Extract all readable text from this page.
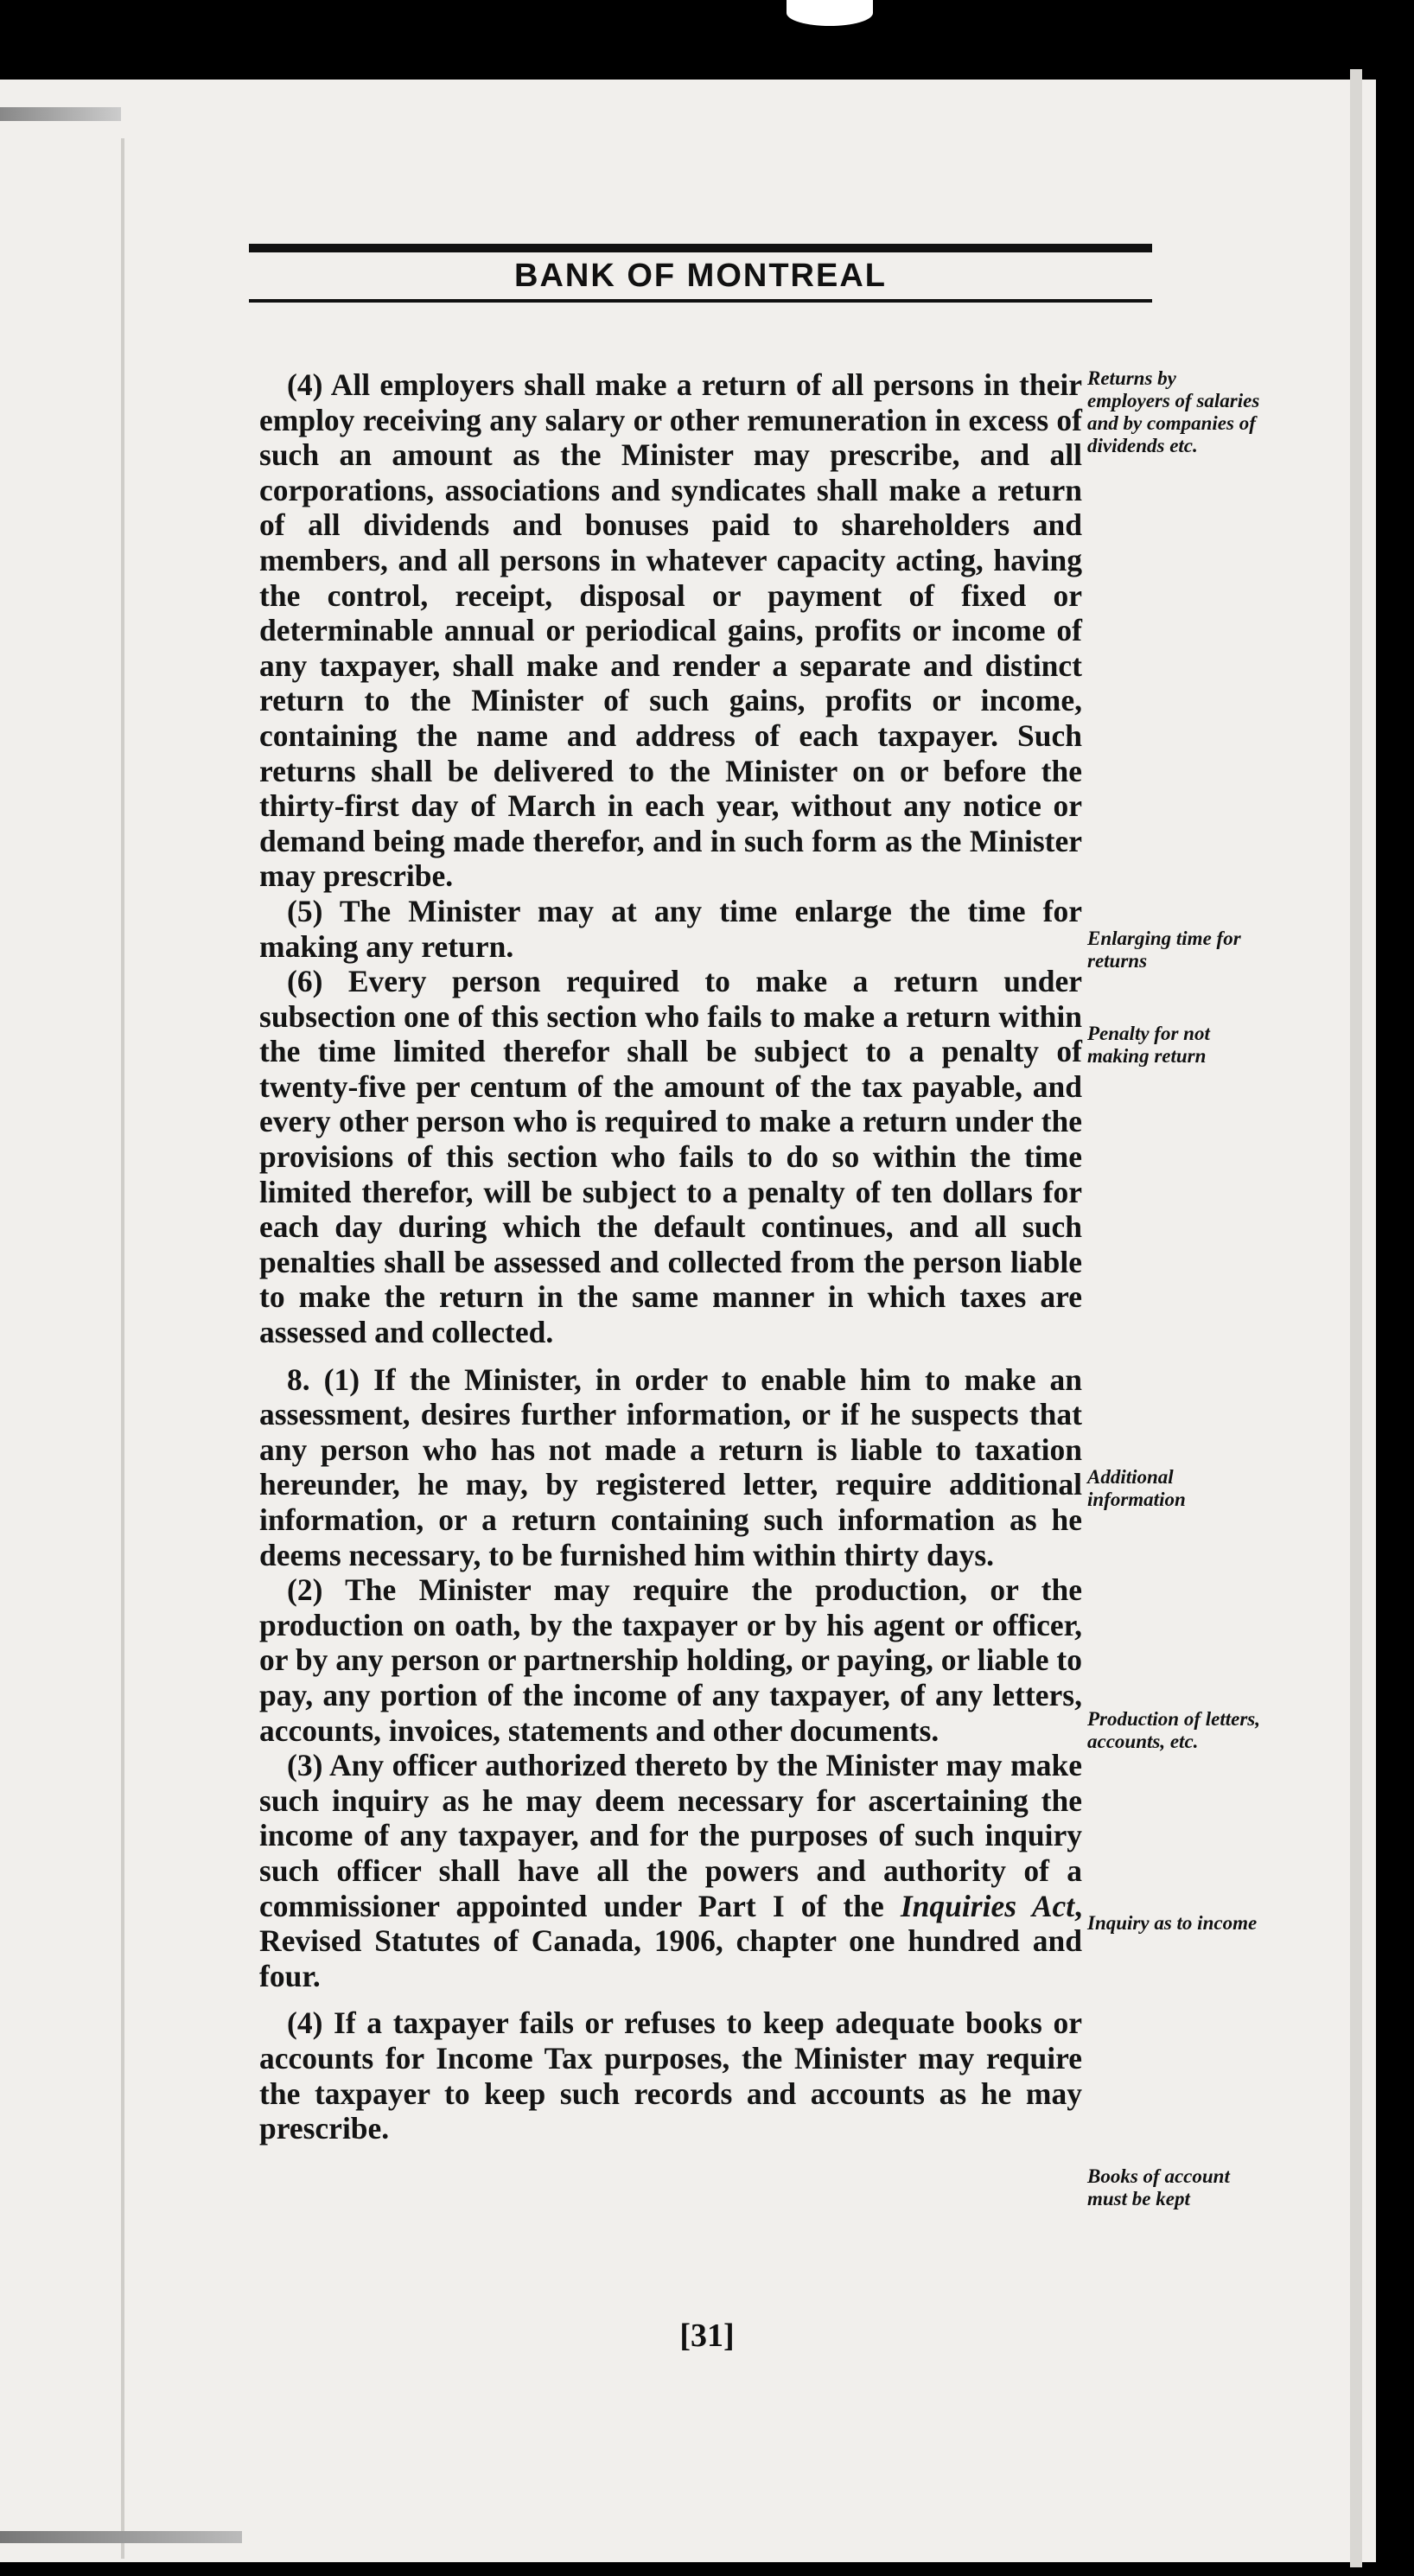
BANK OF MONTREAL

(4) All employers shall make a return of all persons in their employ receiving any salary or other remuneration in excess of such an amount as the Minister may prescribe, and all corporations, associations and syndicates shall make a return of all dividends and bonuses paid to shareholders and members, and all persons in whatever capacity acting, having the control, receipt, disposal or payment of fixed or determinable annual or periodical gains, profits or income of any taxpayer, shall make and render a separate and distinct return to the Minister of such gains, profits or income, containing the name and address of each taxpayer. Such returns shall be delivered to the Minister on or before the thirty-first day of March in each year, without any notice or demand being made therefor, and in such form as the Minister may prescribe.

(5) The Minister may at any time enlarge the time for making any return.

(6) Every person required to make a return under subsection one of this section who fails to make a return within the time limited therefor shall be subject to a penalty of twenty-five per centum of the amount of the tax payable, and every other person who is required to make a return under the provisions of this section who fails to do so within the time limited therefor, will be subject to a penalty of ten dollars for each day during which the default continues, and all such penalties shall be assessed and collected from the person liable to make the return in the same manner in which taxes are assessed and collected.

8. (1) If the Minister, in order to enable him to make an assessment, desires further information, or if he suspects that any person who has not made a return is liable to taxation hereunder, he may, by registered letter, require additional information, or a return containing such information as he deems necessary, to be furnished him within thirty days.

(2) The Minister may require the production, or the production on oath, by the taxpayer or by his agent or officer, or by any person or partnership holding, or paying, or liable to pay, any portion of the income of any taxpayer, of any letters, accounts, invoices, statements and other documents.

(3) Any officer authorized thereto by the Minister may make such inquiry as he may deem necessary for ascertaining the income of any taxpayer, and for the purposes of such inquiry such officer shall have all the powers and authority of a commissioner appointed under Part I of the Inquiries Act, Revised Statutes of Canada, 1906, chapter one hundred and four.

(4) If a taxpayer fails or refuses to keep adequate books or accounts for Income Tax purposes, the Minister may require the taxpayer to keep such records and accounts as he may prescribe.

Returns by employers of salaries and by companies of dividends etc.
Enlarging time for returns
Penalty for not making return
Additional information
Production of letters, accounts, etc.
Inquiry as to income
Books of account must be kept
[31]
